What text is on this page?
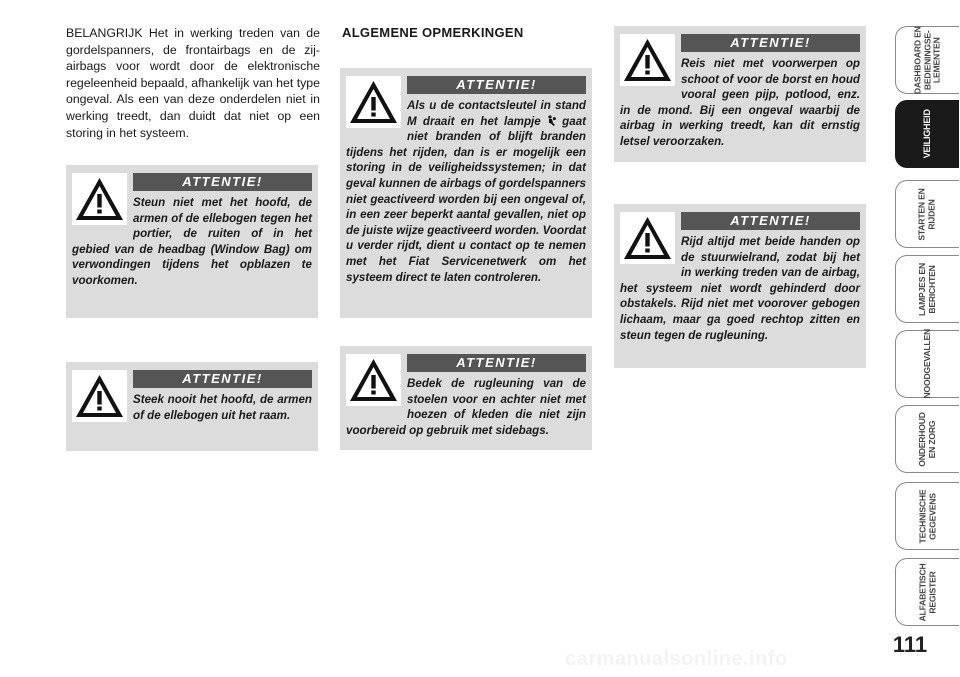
BELANGRIJK Het in werking treden van de gordelspanners, de frontairbags en de zij-airbags voor wordt door de elektronische regeleenheid bepaald, afhankelijk van het type ongeval. Als een van deze onderdelen niet in werking treedt, dan duidt dat niet op een storing in het systeem.

ALGEMENE OPMERKINGEN
ATTENTIE!

Steun niet met het hoofd, de armen of de ellebogen tegen het portier, de ruiten of in het gebied van de headbag (Window Bag) om verwondingen tijdens het opblazen te voorkomen.

ATTENTIE!

Steek nooit het hoofd, de armen of de ellebogen uit het raam.

ATTENTIE!

Als u de contactsleutel in stand M draait en het lampje  gaat niet branden of blijft branden tijdens het rijden, dan is er mogelijk een storing in de veiligheidssystemen; in dat geval kunnen de airbags of gordelspanners niet geactiveerd worden bij een ongeval of, in een zeer beperkt aantal gevallen, niet op de juiste wijze geactiveerd worden. Voordat u verder rijdt, dient u contact op te nemen met het Fiat Servicenetwerk om het systeem direct te laten controleren.

ATTENTIE!

Bedek de rugleuning van de stoelen voor en achter niet met hoezen of kleden die niet zijn voorbereid op gebruik met sidebags.

ATTENTIE!

Reis niet met voorwerpen op schoot of voor de borst en houd vooral geen pijp, potlood, enz. in de mond. Bij een ongeval waarbij de airbag in werking treedt, kan dit ernstig letsel veroorzaken.

ATTENTIE!

Rijd altijd met beide handen op de stuurwielrand, zodat bij het in werking treden van de airbag, het systeem niet wordt gehinderd door obstakels. Rijd niet met voorover gebogen lichaam, maar ga goed rechtop zitten en steun tegen de rugleuning.

DASHBOARD EN
BEDIENINGSE-
LEMENTEN
VEILIGHEID
STARTEN EN
RIJDEN
LAMPJES EN
BERICHTEN
NOODGEVALLEN
ONDERHOUD
EN ZORG
TECHNISCHE
GEGEVENS
ALFABETISCH
REGISTER
111
carmanualsonline.info
